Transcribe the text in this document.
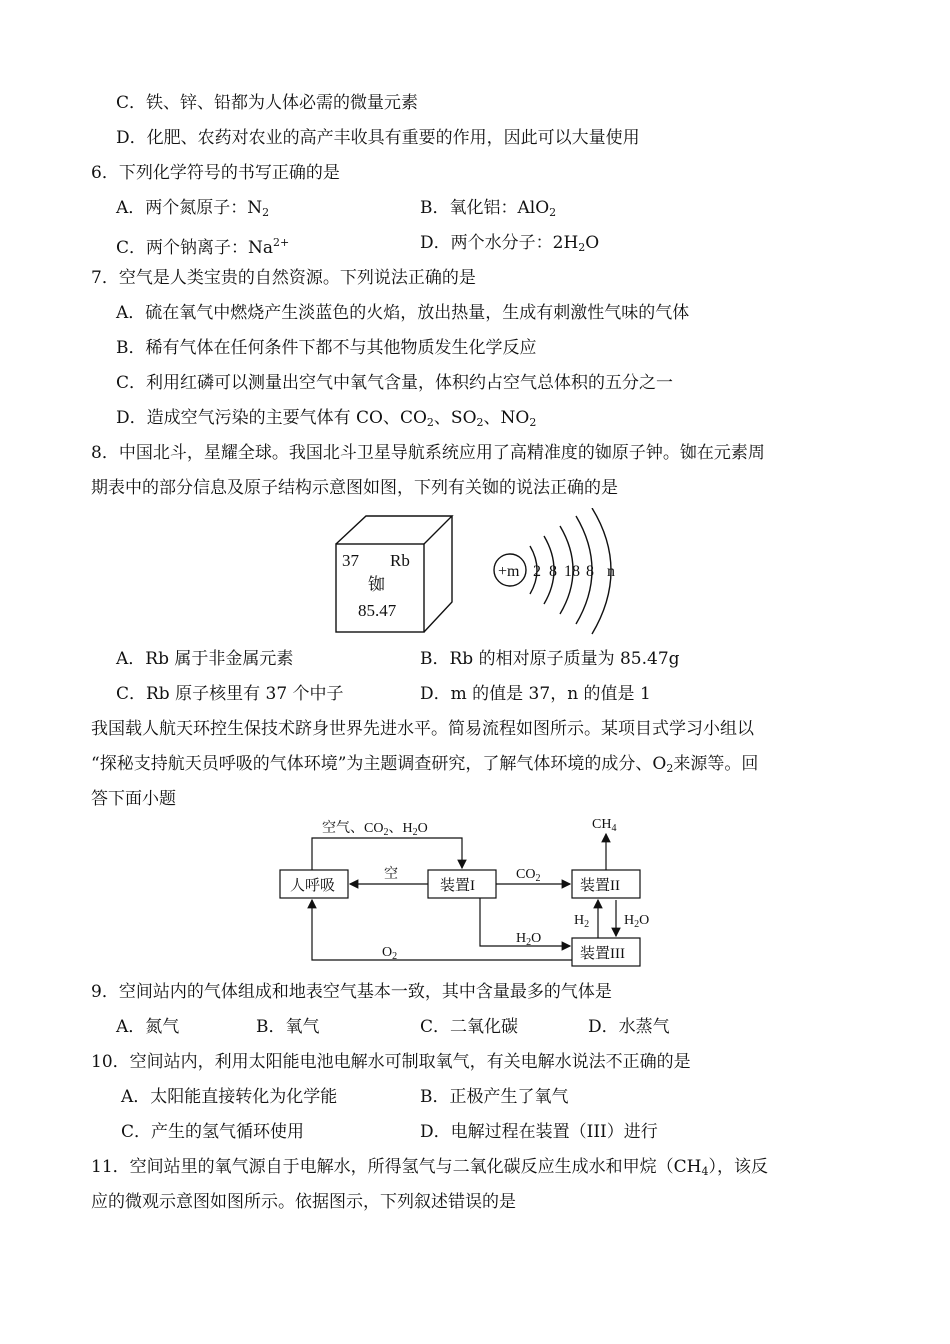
C．铁、锌、铅都为人体必需的微量元素
D．化肥、农药对农业的高产丰收具有重要的作用，因此可以大量使用
6．下列化学符号的书写正确的是
A．两个氮原子：$N_2$	B．氧化铝：AlO$_2$
C．两个钠离子：$Na^{2+}$	D．两个水分子：$2H_2O$
7．空气是人类宝贵的自然资源。下列说法正确的是
A．硫在氧气中燃烧产生淡蓝色的火焰，放出热量，生成有刺激性气味的气体
B．稀有气体在任何条件下都不与其他物质发生化学反应
C．利用红磷可以测量出空气中氧气含量，体积约占空气总体积的五分之一
D．造成空气污染的主要气体有 CO、$CO_2$、$SO_2$、$NO_2$
8．中国北斗，星耀全球。我国北斗卫星导航系统应用了高精准度的铷原子钟。铷在元素周
期表中的部分信息及原子结构示意图如图，下列有关铷的说法正确的是
37 Rb
铷
85.47
+m 2 8 18 8 n
A．Rb 属于非金属元素	B．Rb 的相对原子质量为 85.47g
C．Rb 原子核里有 37 个中子	D．m 的值是 37，n 的值是 1
我国载人航天环控生保技术跻身世界先进水平。简易流程如图所示。某项目式学习小组以
“探秘支持航天员呼吸的气体环境”为主题调查研究，了解气体环境的成分、$O_2$来源等。回
答下面小题
人呼吸	装置I	装置II
装置III
空气、$CO_2$、$H_2O$
空	$CO_2$
$CH_4$
$H_2$ $H_2O$
$H_2O$
$O_2$
9．空间站内的气体组成和地表空气基本一致，其中含量最多的气体是
A．氮气	B．氧气	C．二氧化碳	D．水蒸气
10．空间站内，利用太阳能电池电解水可制取氧气，有关电解水说法不正确的是
A．太阳能直接转化为化学能	B．正极产生了氧气
C．产生的氢气循环使用	D．电解过程在装置（III）进行
11．空间站里的氧气源自于电解水，所得氢气与二氧化碳反应生成水和甲烷$(CH_4)$，该反
应的微观示意图如图所示。依据图示，下列叙述错误的是
